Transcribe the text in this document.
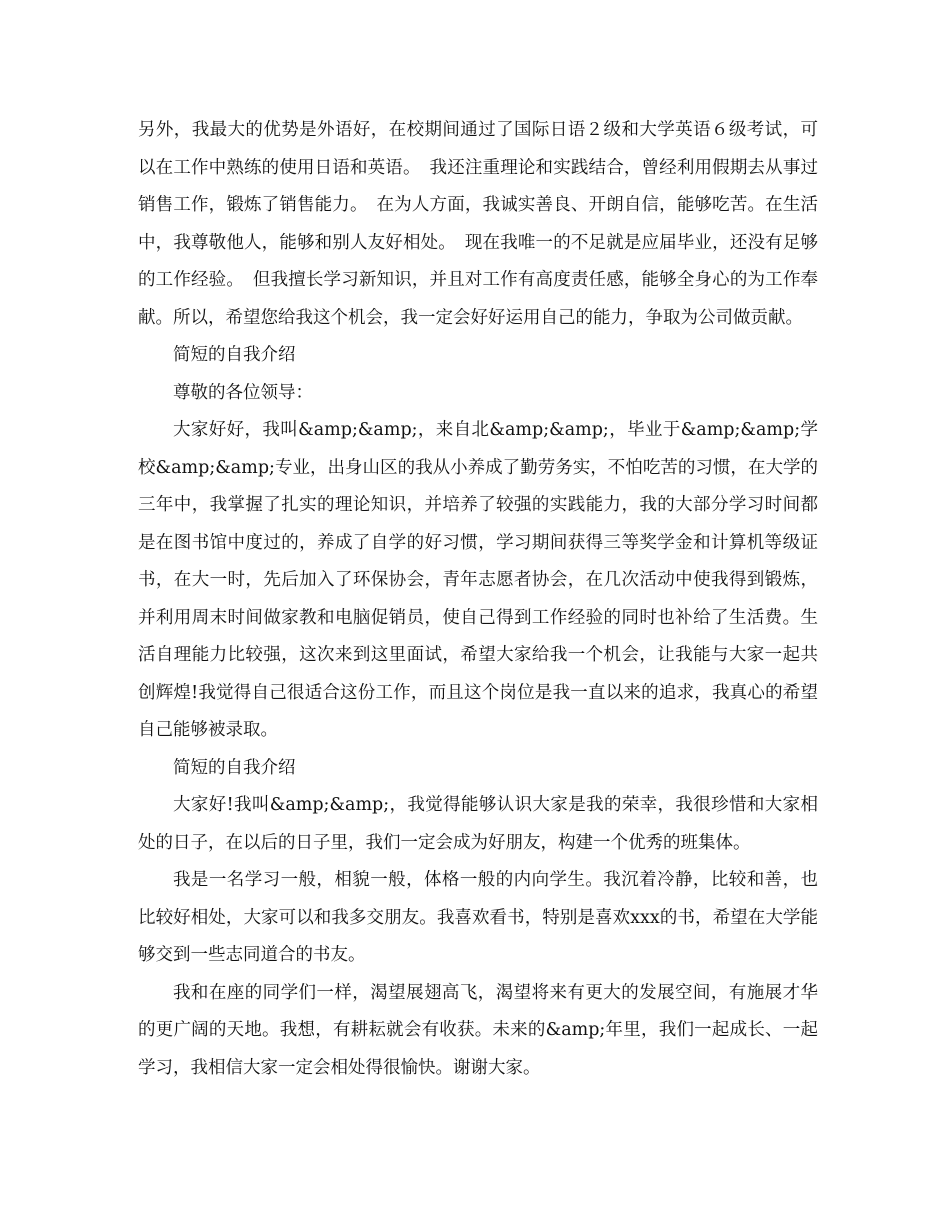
另外，我最大的优势是外语好，在校期间通过了国际日语２级和大学英语６级考试，可以在工作中熟练的使用日语和英语。　我还注重理论和实践结合，曾经利用假期去从事过销售工作，锻炼了销售能力。　在为人方面，我诚实善良、开朗自信，能够吃苦。在生活中，我尊敬他人，能够和别人友好相处。　现在我唯一的不足就是应届毕业，还没有足够的工作经验。　但我擅长学习新知识，并且对工作有高度责任感，能够全身心的为工作奉献。所以，希望您给我这个机会，我一定会好好运用自己的能力，争取为公司做贡献。

简短的自我介绍

尊敬的各位领导：

大家好好，我叫&amp;&amp;，来自北&amp;&amp;，毕业于&amp;&amp;学校&amp;&amp;专业，出身山区的我从小养成了勤劳务实，不怕吃苦的习惯，在大学的三年中，我掌握了扎实的理论知识，并培养了较强的实践能力，我的大部分学习时间都是在图书馆中度过的，养成了自学的好习惯，学习期间获得三等奖学金和计算机等级证书，在大一时，先后加入了环保协会，青年志愿者协会，在几次活动中使我得到锻炼，并利用周末时间做家教和电脑促销员，使自己得到工作经验的同时也补给了生活费。生活自理能力比较强，这次来到这里面试，希望大家给我一个机会，让我能与大家一起共创辉煌!我觉得自己很适合这份工作，而且这个岗位是我一直以来的追求，我真心的希望自己能够被录取。

简短的自我介绍

大家好!我叫&amp;&amp;，我觉得能够认识大家是我的荣幸，我很珍惜和大家相处的日子，在以后的日子里，我们一定会成为好朋友，构建一个优秀的班集体。

我是一名学习一般，相貌一般，体格一般的内向学生。我沉着冷静，比较和善，也比较好相处，大家可以和我多交朋友。我喜欢看书，特别是喜欢xxx的书，希望在大学能够交到一些志同道合的书友。

我和在座的同学们一样，渴望展翅高飞，渴望将来有更大的发展空间，有施展才华的更广阔的天地。我想，有耕耘就会有收获。未来的&amp;年里，我们一起成长、一起学习，我相信大家一定会相处得很愉快。谢谢大家。
